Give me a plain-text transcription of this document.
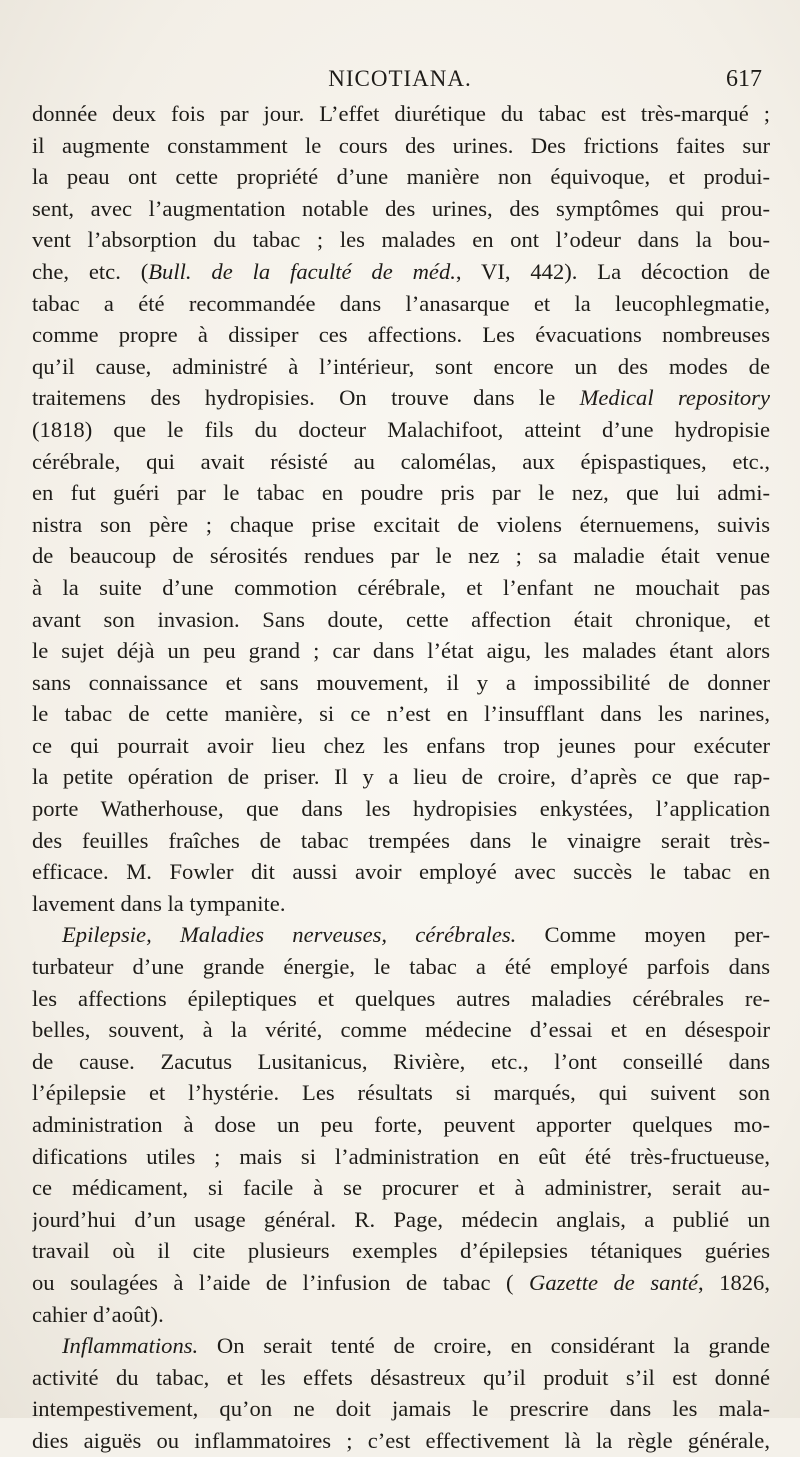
NICOTIANA.	617
donnée deux fois par jour. L’effet diurétique du tabac est très-marqué ;
il augmente constamment le cours des urines. Des frictions faites sur
la peau ont cette propriété d’une manière non équivoque, et produi-
sent, avec l’augmentation notable des urines, des symptômes qui prou-
vent l’absorption du tabac ; les malades en ont l’odeur dans la bou-
che, etc. (Bull. de la faculté de méd., VI, 442). La décoction de
tabac a été recommandée dans l’anasarque et la leucophlegmatie,
comme propre à dissiper ces affections. Les évacuations nombreuses
qu’il cause, administré à l’intérieur, sont encore un des modes de
traitemens des hydropisies. On trouve dans le Medical repository
(1818) que le fils du docteur Malachifoot, atteint d’une hydropisie
cérébrale, qui avait résisté au calomélas, aux épispastiques, etc.,
en fut guéri par le tabac en poudre pris par le nez, que lui admi-
nistra son père ; chaque prise excitait de violens éternuemens, suivis
de beaucoup de sérosités rendues par le nez ; sa maladie était venue
à la suite d’une commotion cérébrale, et l’enfant ne mouchait pas
avant son invasion. Sans doute, cette affection était chronique, et
le sujet déjà un peu grand ; car dans l’état aigu, les malades étant alors
sans connaissance et sans mouvement, il y a impossibilité de donner
le tabac de cette manière, si ce n’est en l’insufflant dans les narines,
ce qui pourrait avoir lieu chez les enfans trop jeunes pour exécuter
la petite opération de priser. Il y a lieu de croire, d’après ce que rap-
porte Watherhouse, que dans les hydropisies enkystées, l’application
des feuilles fraîches de tabac trempées dans le vinaigre serait très-
efficace. M. Fowler dit aussi avoir employé avec succès le tabac en
lavement dans la tympanite.
Epilepsie, Maladies nerveuses, cérébrales. Comme moyen per-
turbateur d’une grande énergie, le tabac a été employé parfois dans
les affections épileptiques et quelques autres maladies cérébrales re-
belles, souvent, à la vérité, comme médecine d’essai et en désespoir
de cause. Zacutus Lusitanicus, Rivière, etc., l’ont conseillé dans
l’épilepsie et l’hystérie. Les résultats si marqués, qui suivent son
administration à dose un peu forte, peuvent apporter quelques mo-
difications utiles ; mais si l’administration en eût été très-fructueuse,
ce médicament, si facile à se procurer et à administrer, serait au-
jourd’hui d’un usage général. R. Page, médecin anglais, a publié un
travail où il cite plusieurs exemples d’épilepsies tétaniques guéries
ou soulagées à l’aide de l’infusion de tabac ( Gazette de santé, 1826,
cahier d’août).
Inflammations. On serait tenté de croire, en considérant la grande
activité du tabac, et les effets désastreux qu’il produit s’il est donné
intempestivement, qu’on ne doit jamais le prescrire dans les mala-
dies aiguës ou inflammatoires ; c’est effectivement là la règle générale,
